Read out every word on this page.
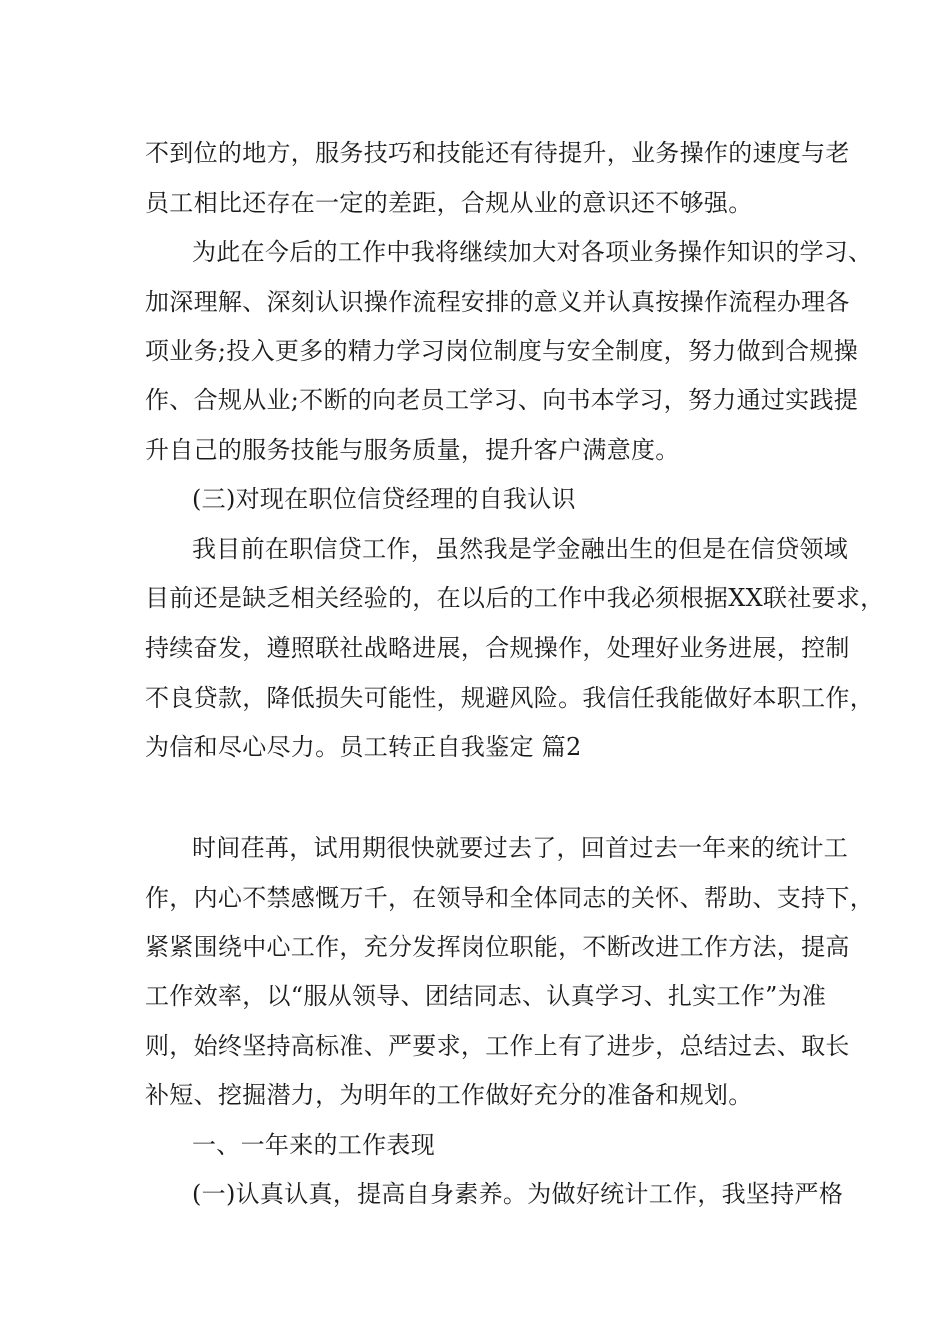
不到位的地方，服务技巧和技能还有待提升，业务操作的速度与老
员工相比还存在一定的差距，合规从业的意识还不够强。
为此在今后的工作中我将继续加大对各项业务操作知识的学习、
加深理解、深刻认识操作流程安排的意义并认真按操作流程办理各
项业务;投入更多的精力学习岗位制度与安全制度，努力做到合规操
作、合规从业;不断的向老员工学习、向书本学习，努力通过实践提
升自己的服务技能与服务质量，提升客户满意度。
(三)对现在职位信贷经理的自我认识
我目前在职信贷工作，虽然我是学金融出生的但是在信贷领域
目前还是缺乏相关经验的，在以后的工作中我必须根据XX联社要求，
持续奋发，遵照联社战略进展，合规操作，处理好业务进展，控制
不良贷款，降低损失可能性，规避风险。我信任我能做好本职工作，
为信和尽心尽力。员工转正自我鉴定 篇2
时间荏苒，试用期很快就要过去了，回首过去一年来的统计工
作，内心不禁感慨万千，在领导和全体同志的关怀、帮助、支持下，
紧紧围绕中心工作，充分发挥岗位职能，不断改进工作方法，提高
工作效率，以“服从领导、团结同志、认真学习、扎实工作”为准
则，始终坚持高标准、严要求，工作上有了进步，总结过去、取长
补短、挖掘潜力，为明年的工作做好充分的准备和规划。
一、一年来的工作表现
(一)认真认真，提高自身素养。为做好统计工作，我坚持严格
